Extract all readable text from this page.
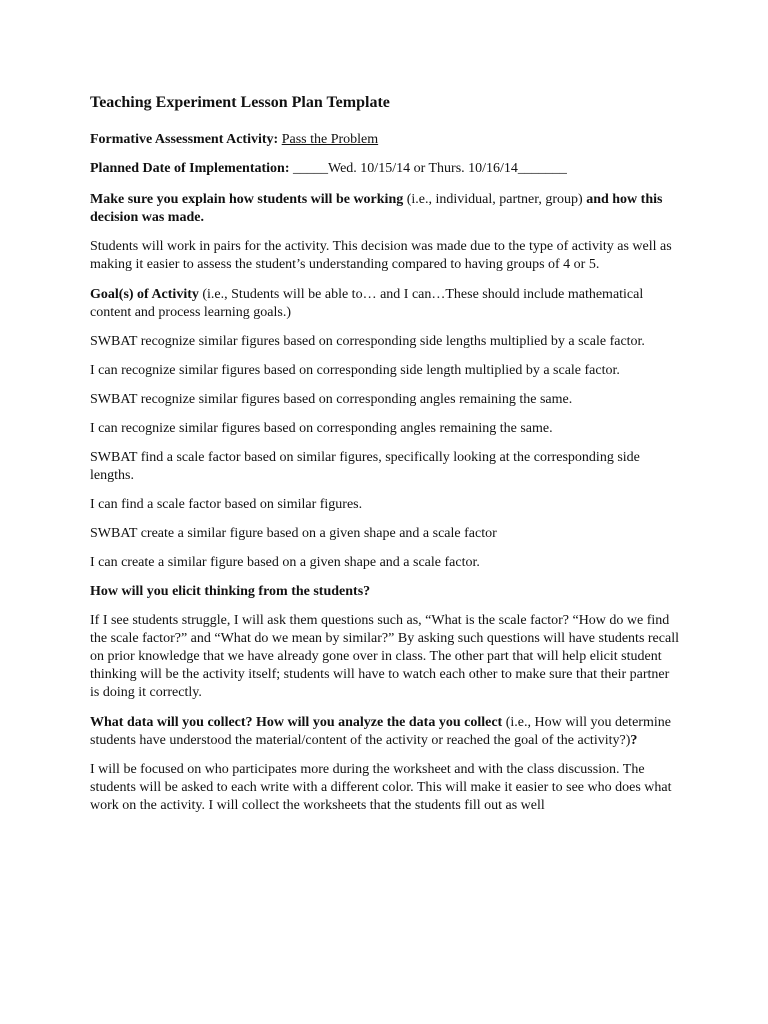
Teaching Experiment Lesson Plan Template

Formative Assessment Activity: Pass the Problem

Planned Date of Implementation: _____Wed. 10/15/14 or Thurs. 10/16/14_______

Make sure you explain how students will be working (i.e., individual, partner, group) and how this decision was made.

Students will work in pairs for the activity. This decision was made due to the type of activity as well as making it easier to assess the student’s understanding compared to having groups of 4 or 5.

Goal(s) of Activity (i.e., Students will be able to… and I can…These should include mathematical content and process learning goals.)

SWBAT recognize similar figures based on corresponding side lengths multiplied by a scale factor.

I can recognize similar figures based on corresponding side length multiplied by a scale factor.

SWBAT recognize similar figures based on corresponding angles remaining the same.

I can recognize similar figures based on corresponding angles remaining the same.

SWBAT find a scale factor based on similar figures, specifically looking at the corresponding side lengths.

I can find a scale factor based on similar figures.

SWBAT create a similar figure based on a given shape and a scale factor

I can create a similar figure based on a given shape and a scale factor.

How will you elicit thinking from the students?

If I see students struggle, I will ask them questions such as, “What is the scale factor? “How do we find the scale factor?” and “What do we mean by similar?” By asking such questions will have students recall on prior knowledge that we have already gone over in class. The other part that will help elicit student thinking will be the activity itself; students will have to watch each other to make sure that their partner is doing it correctly.

What data will you collect? How will you analyze the data you collect (i.e., How will you determine students have understood the material/content of the activity or reached the goal of the activity?)?

I will be focused on who participates more during the worksheet and with the class discussion. The students will be asked to each write with a different color. This will make it easier to see who does what work on the activity. I will collect the worksheets that the students fill out as well
